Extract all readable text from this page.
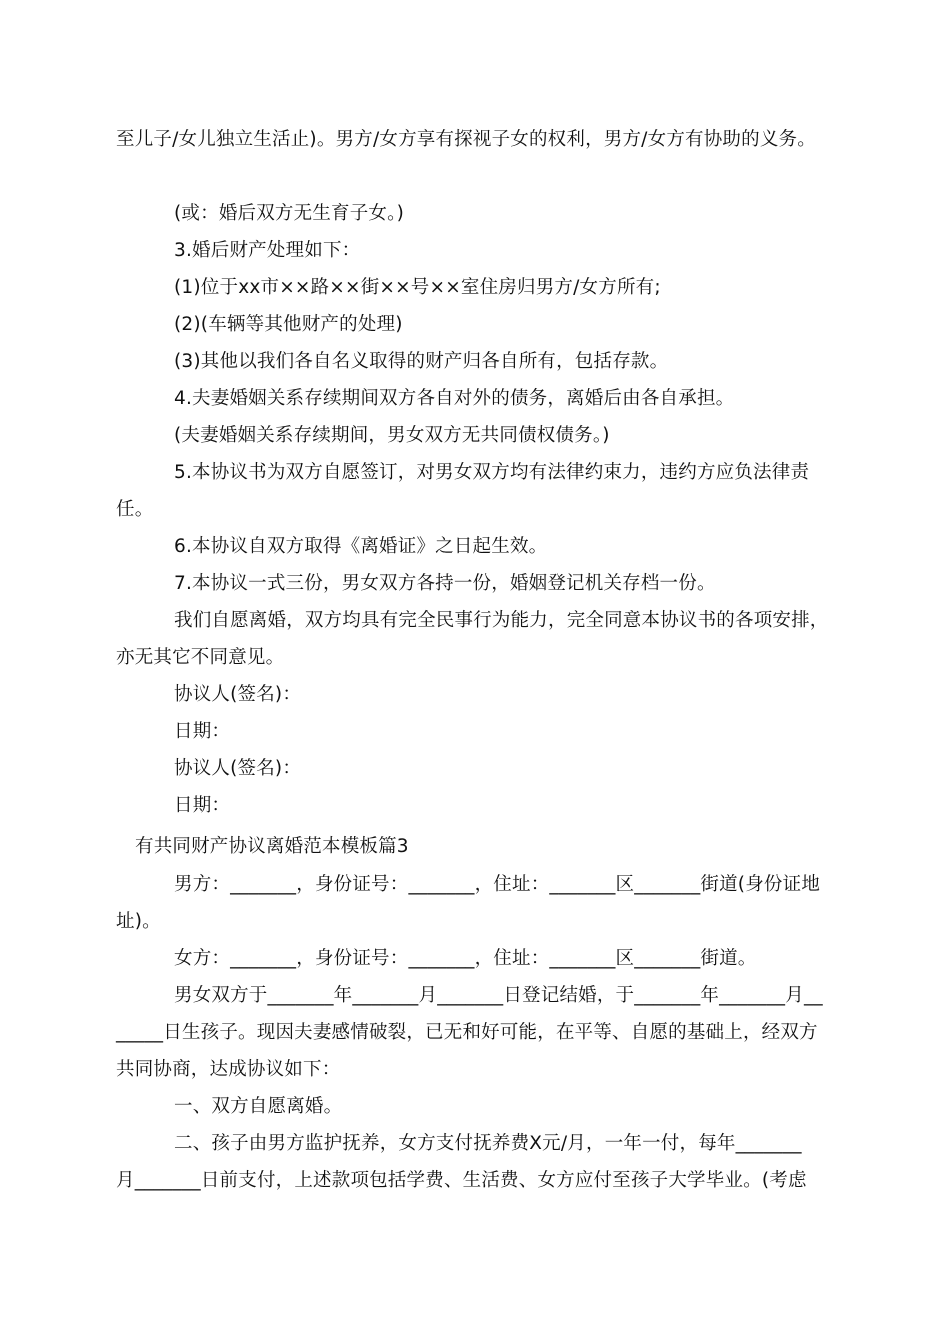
至儿子/女儿独立生活止)。男方/女方享有探视子女的权利，男方/女方有协助的义务。
(或：婚后双方无生育子女。)
3.婚后财产处理如下：
(1)位于xx市××路××街××号××室住房归男方/女方所有;
(2)(车辆等其他财产的处理)
(3)其他以我们各自名义取得的财产归各自所有，包括存款。
4.夫妻婚姻关系存续期间双方各自对外的债务，离婚后由各自承担。
(夫妻婚姻关系存续期间，男女双方无共同债权债务。)
5.本协议书为双方自愿签订，对男女双方均有法律约束力，违约方应负法律责
任。
6.本协议自双方取得《离婚证》之日起生效。
7.本协议一式三份，男女双方各持一份，婚姻登记机关存档一份。
我们自愿离婚，双方均具有完全民事行为能力，完全同意本协议书的各项安排，
亦无其它不同意见。
协议人(签名)：
日期：
协议人(签名)：
日期：
有共同财产协议离婚范本模板篇3
男方：_______，身份证号：_______，住址：_______区_______街道(身份证地
址)。
女方：_______，身份证号：_______，住址：_______区_______街道。
男女双方于_______年_______月_______日登记结婚，于_______年_______月__
_____日生孩子。现因夫妻感情破裂，已无和好可能，在平等、自愿的基础上，经双方
共同协商，达成协议如下：
一、双方自愿离婚。
二、孩子由男方监护抚养，女方支付抚养费X元/月，一年一付，每年_______
月_______日前支付，上述款项包括学费、生活费、女方应付至孩子大学毕业。(考虑
